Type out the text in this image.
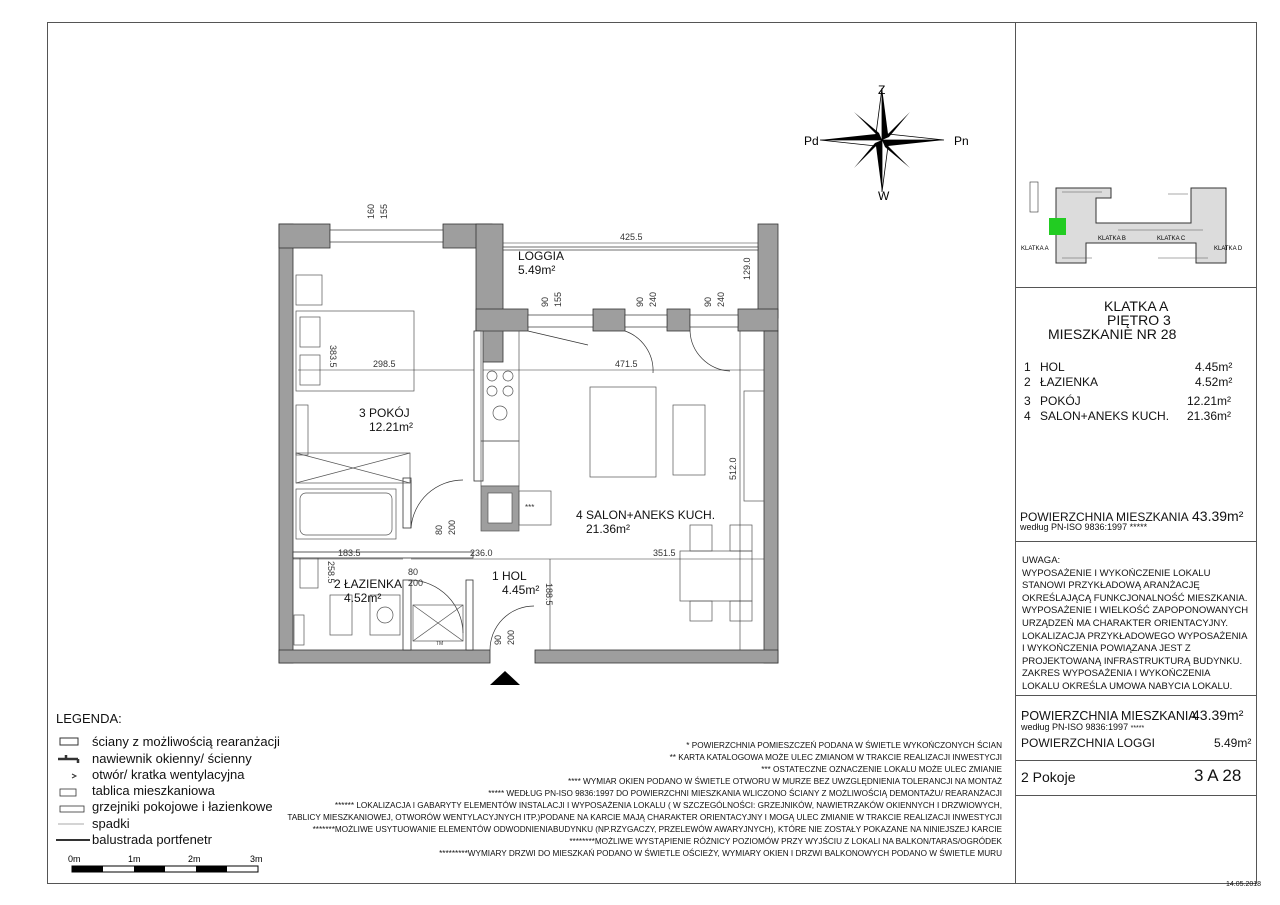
Z
W
Pd	Pn
KLATKA A
KLATKA B	KLATKA C
KLATKA D
KLATKA A
PIĘTRO 3
MIESZKANIE NR 28
1 HOL	4.45m²
2 ŁAZIENKA	4.52m²
3 POKÓJ	12.21m²
4 SALON+ANEKS KUCH. 21.36m²
POWIERZCHNIA MIESZKANIA
według PN-ISO 9836:1997 *****
43.39m²
UWAGA:
WYPOSAŻENIE I WYKOŃCZENIE LOKALU STANOWI PRZYKŁADOWĄ ARANŻACJĘ OKREŚLAJĄCĄ FUNKCJONALNOŚĆ MIESZKANIA. WYPOSAŻENIE I WIELKOŚĆ ZAPOPONOWANYCH URZĄDZEŃ MA CHARAKTER ORIENTACYJNY. LOKALIZACJA PRZYKŁADOWEGO WYPOSAŻENIA I WYKOŃCZENIA POWIĄZANA JEST Z PROJEKTOWANĄ INFRASTRUKTURĄ BUDYNKU. ZAKRES WYPOSAŻENIA I WYKOŃCZENIA LOKALU OKREŚLA UMOWA NABYCIA LOKALU.
POWIERZCHNIA MIESZKANIA
43.39m²
według PN-ISO 9836:1997 *****
POWIERZCHNIA LOGGI	5.49m²
2 Pokoje	3 A 28
14.05.2018
160 155
425.5
129.0
90 155	90 240	90 240
298.5	471.5
383.5
512.0
80 200
183.5	236.0	351.5
258.5	80
200	188.5
90 200
TM
***
LOGGIA
5.49m²
3 POKÓJ
12.21m²
4 SALON+ANEKS KUCH.
21.36m²
2 ŁAZIENKA
4.52m²
1 HOL
4.45m²
LEGENDA:
ściany z możliwością rearanżacji
nawiewnik okienny/ ścienny
otwór/ kratka wentylacyjna
tablica mieszkaniowa
grzejniki pokojowe i łazienkowe
spadki
balustrada portfenetr
0m	1m	2m	3m
* POWIERZCHNIA POMIESZCZEŃ PODANA W ŚWIETLE WYKOŃCZONYCH ŚCIAN
** KARTA KATALOGOWA MOŻE ULEC ZMIANOM W TRAKCIE REALIZACJI INWESTYCJI
*** OSTATECZNE OZNACZENIE LOKALU MOŻE ULEC ZMIANIE
**** WYMIAR OKIEN PODANO W ŚWIETLE OTWORU W MURZE BEZ UWZGLĘDNIENIA TOLERANCJI NA MONTAŻ
***** WEDŁUG PN-ISO 9836:1997 DO POWIERZCHNI MIESZKANIA WLICZONO ŚCIANY Z MOŻLIWOŚCIĄ DEMONTAŻU/ REARANŻACJI
****** LOKALIZACJA I GABARYTY ELEMENTÓW INSTALACJI I WYPOSAŻENIA LOKALU ( W SZCZEGÓLNOŚCI: GRZEJNIKÓW, NAWIETRZAKÓW OKIENNYCH I DRZWIOWYCH,
TABLICY MIESZKANIOWEJ, OTWORÓW WENTYLACYJNYCH ITP.)PODANE NA KARCIE MAJĄ CHARAKTER ORIENTACYJNY I MOGĄ ULEC ZMIANIE W TRAKCIE REALIZACJI INWESTYCJI
*******MOŻLIWE USYTUOWANIE ELEMENTÓW ODWODNIENIABUDYNKU (NP.RZYGACZY, PRZELEWÓW AWARYJNYCH), KTÓRE NIE ZOSTAŁY POKAZANE NA NINIEJSZEJ KARCIE
********MOŻLIWE WYSTĄPIENIE RÓŻNICY POZIOMÓW PRZY WYJŚCIU Z LOKALI NA BALKON/TARAS/OGRÓDEK
*********WYMIARY DRZWI DO MIESZKAŃ PODANO W ŚWIETLE OŚCIEŻY, WYMIARY OKIEN I DRZWI BALKONOWYCH PODANO W ŚWIETLE MURU
